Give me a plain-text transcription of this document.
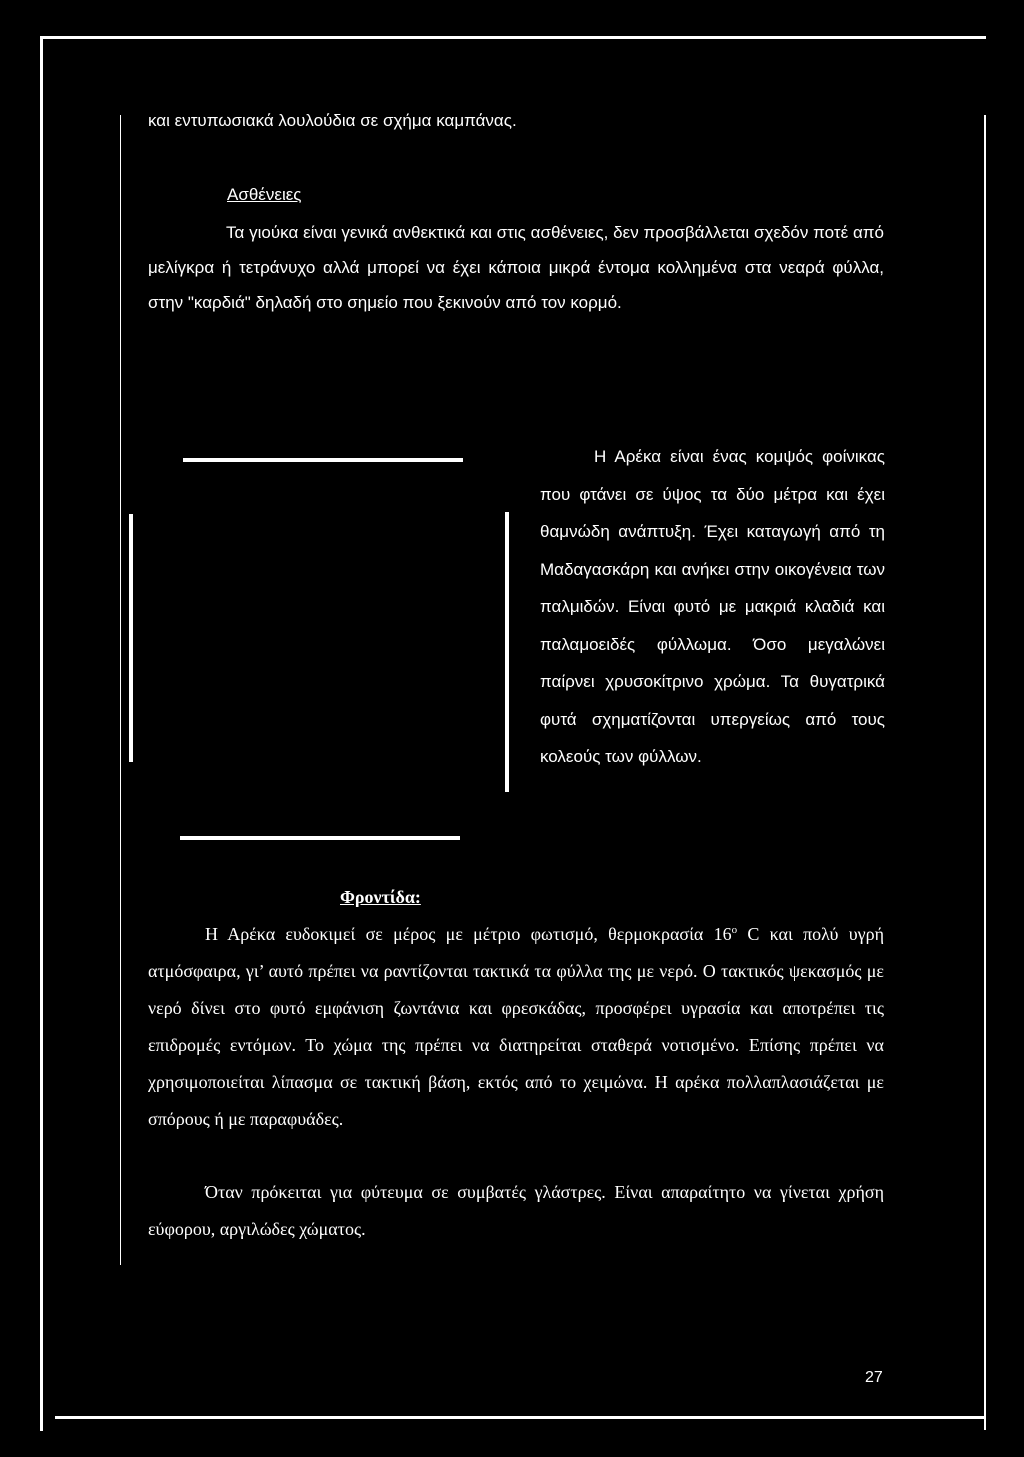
και εντυπωσιακά λουλούδια σε σχήμα καμπάνας.

Ασθένειες

Τα γιούκα είναι γενικά ανθεκτικά και στις ασθένειες, δεν προσβάλλεται σχεδόν ποτέ από μελίγκρα ή τετράνυχο αλλά μπορεί να έχει κάποια μικρά έντομα κολλημένα στα νεαρά φύλλα, στην "καρδιά" δηλαδή στο σημείο που ξεκινούν από τον κορμό.

Η Αρέκα είναι ένας κομψός φοίνικας που φτάνει σε ύψος τα δύο μέτρα και έχει θαμνώδη ανάπτυξη. Έχει καταγωγή από τη Μαδαγασκάρη και ανήκει στην οικογένεια των παλμιδών. Είναι φυτό με μακριά κλαδιά και παλαμοειδές φύλλωμα. Όσο μεγαλώνει παίρνει χρυσοκίτρινο χρώμα. Τα θυγατρικά φυτά σχηματίζονται υπεργείως από τους κολεούς των φύλλων.

Φροντίδα:

Η Αρέκα ευδοκιμεί σε μέρος με μέτριο φωτισμό, θερμοκρασία $16^o$ C και πολύ υγρή ατμόσφαιρα, γι’ αυτό πρέπει να ραντίζονται τακτικά τα φύλλα της με νερό. Ο τακτικός ψεκασμός με νερό δίνει στο φυτό εμφάνιση ζωντάνια και φρεσκάδας, προσφέρει υγρασία και αποτρέπει τις επιδρομές εντόμων. Το χώμα της πρέπει να διατηρείται σταθερά νοτισμένο. Επίσης πρέπει να χρησιμοποιείται λίπασμα σε τακτική βάση, εκτός από το χειμώνα. Η αρέκα πολλαπλασιάζεται με σπόρους ή με παραφυάδες.

Όταν πρόκειται για φύτευμα σε συμβατές γλάστρες. Είναι απαραίτητο να γίνεται χρήση εύφορου, αργιλώδες χώματος.

27
